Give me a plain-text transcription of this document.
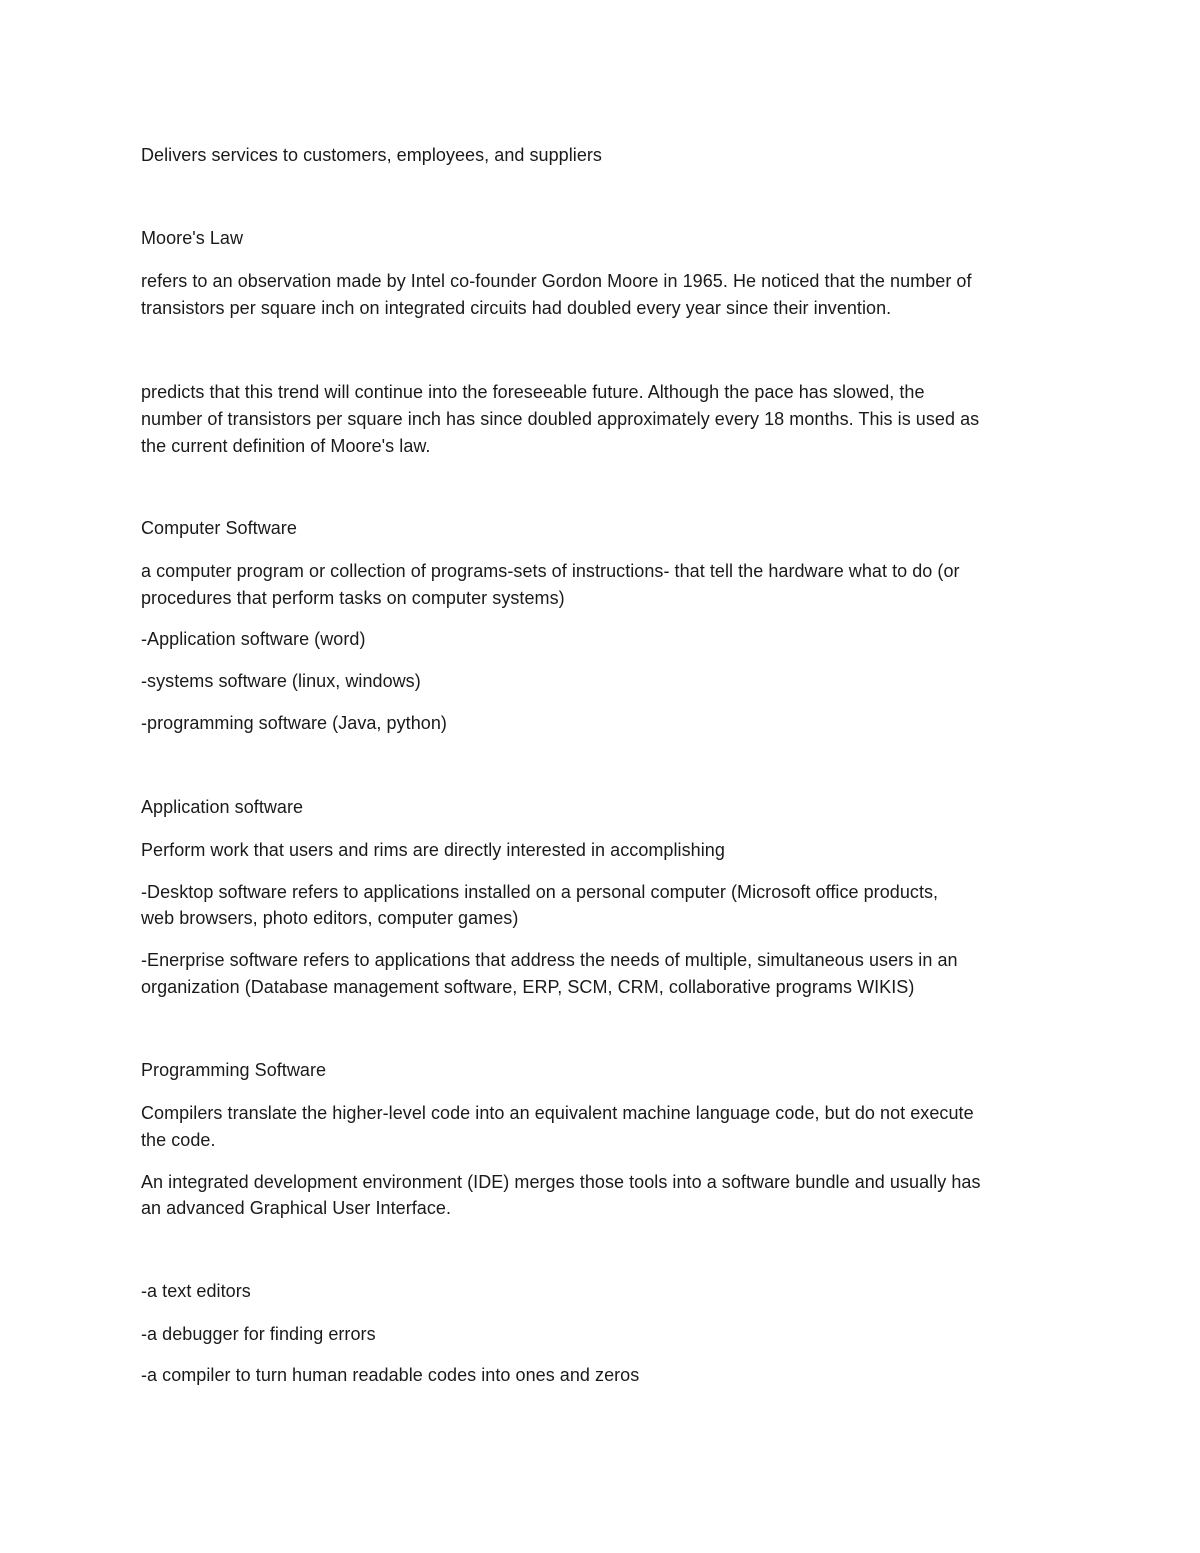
Delivers services to customers, employees, and suppliers
Moore's Law
refers to an observation made by Intel co-founder Gordon Moore in 1965. He noticed that the number of
transistors per square inch on integrated circuits had doubled every year since their invention.
predicts that this trend will continue into the foreseeable future. Although the pace has slowed, the
number of transistors per square inch has since doubled approximately every 18 months. This is used as
the current definition of Moore's law.
Computer Software
a computer program or collection of programs-sets of instructions- that tell the hardware what to do (or
procedures that perform tasks on computer systems)
-Application software (word)
-systems software (linux, windows)
-programming software (Java, python)
Application software
Perform work that users and rims are directly interested in accomplishing
-Desktop software refers to applications installed on a personal computer (Microsoft office products,
web browsers, photo editors, computer games)
-Enerprise software refers to applications that address the needs of multiple, simultaneous users in an
organization (Database management software, ERP, SCM, CRM, collaborative programs WIKIS)
Programming Software
Compilers translate the higher-level code into an equivalent machine language code, but do not execute
the code.
An integrated development environment (IDE) merges those tools into a software bundle and usually has
an advanced Graphical User Interface.
-a text editors
-a debugger for finding errors
-a compiler to turn human readable codes into ones and zeros
